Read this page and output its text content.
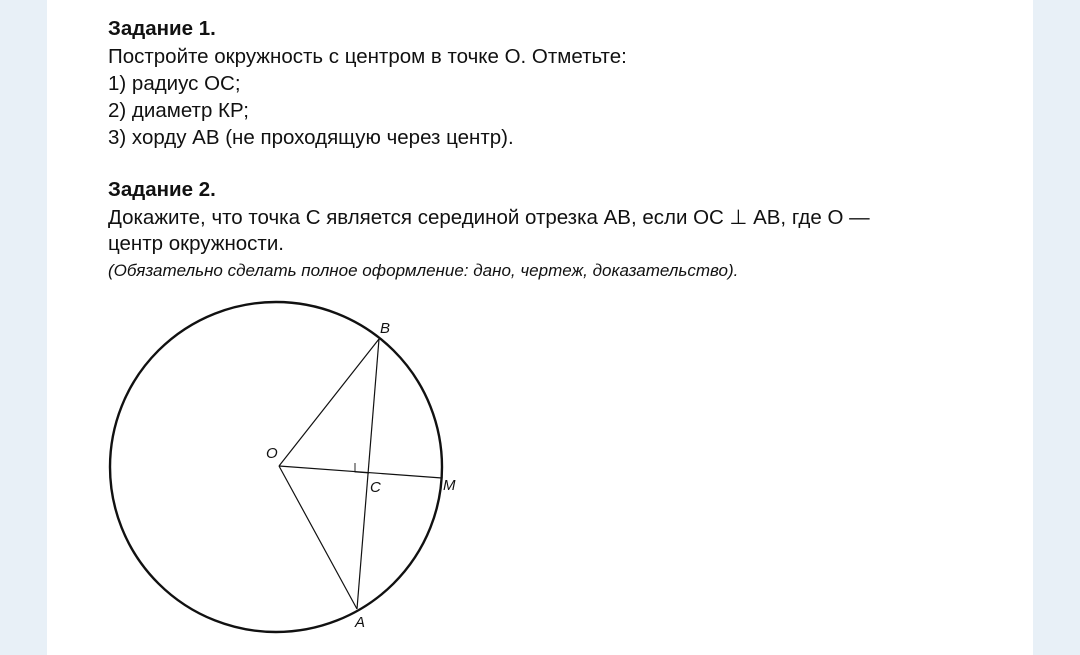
Задание 1.
Постройте окружность с центром в точке О. Отметьте:
1) радиус ОС;
2) диаметр КР;
3) хорду АВ (не проходящую через центр).
Задание 2.
Докажите, что точка С является серединой отрезка АВ, если ОС ⊥ АВ, где О —
центр окружности.
(Обязательно сделать полное оформление: дано, чертеж, доказательство).
B
O
C	M
A
